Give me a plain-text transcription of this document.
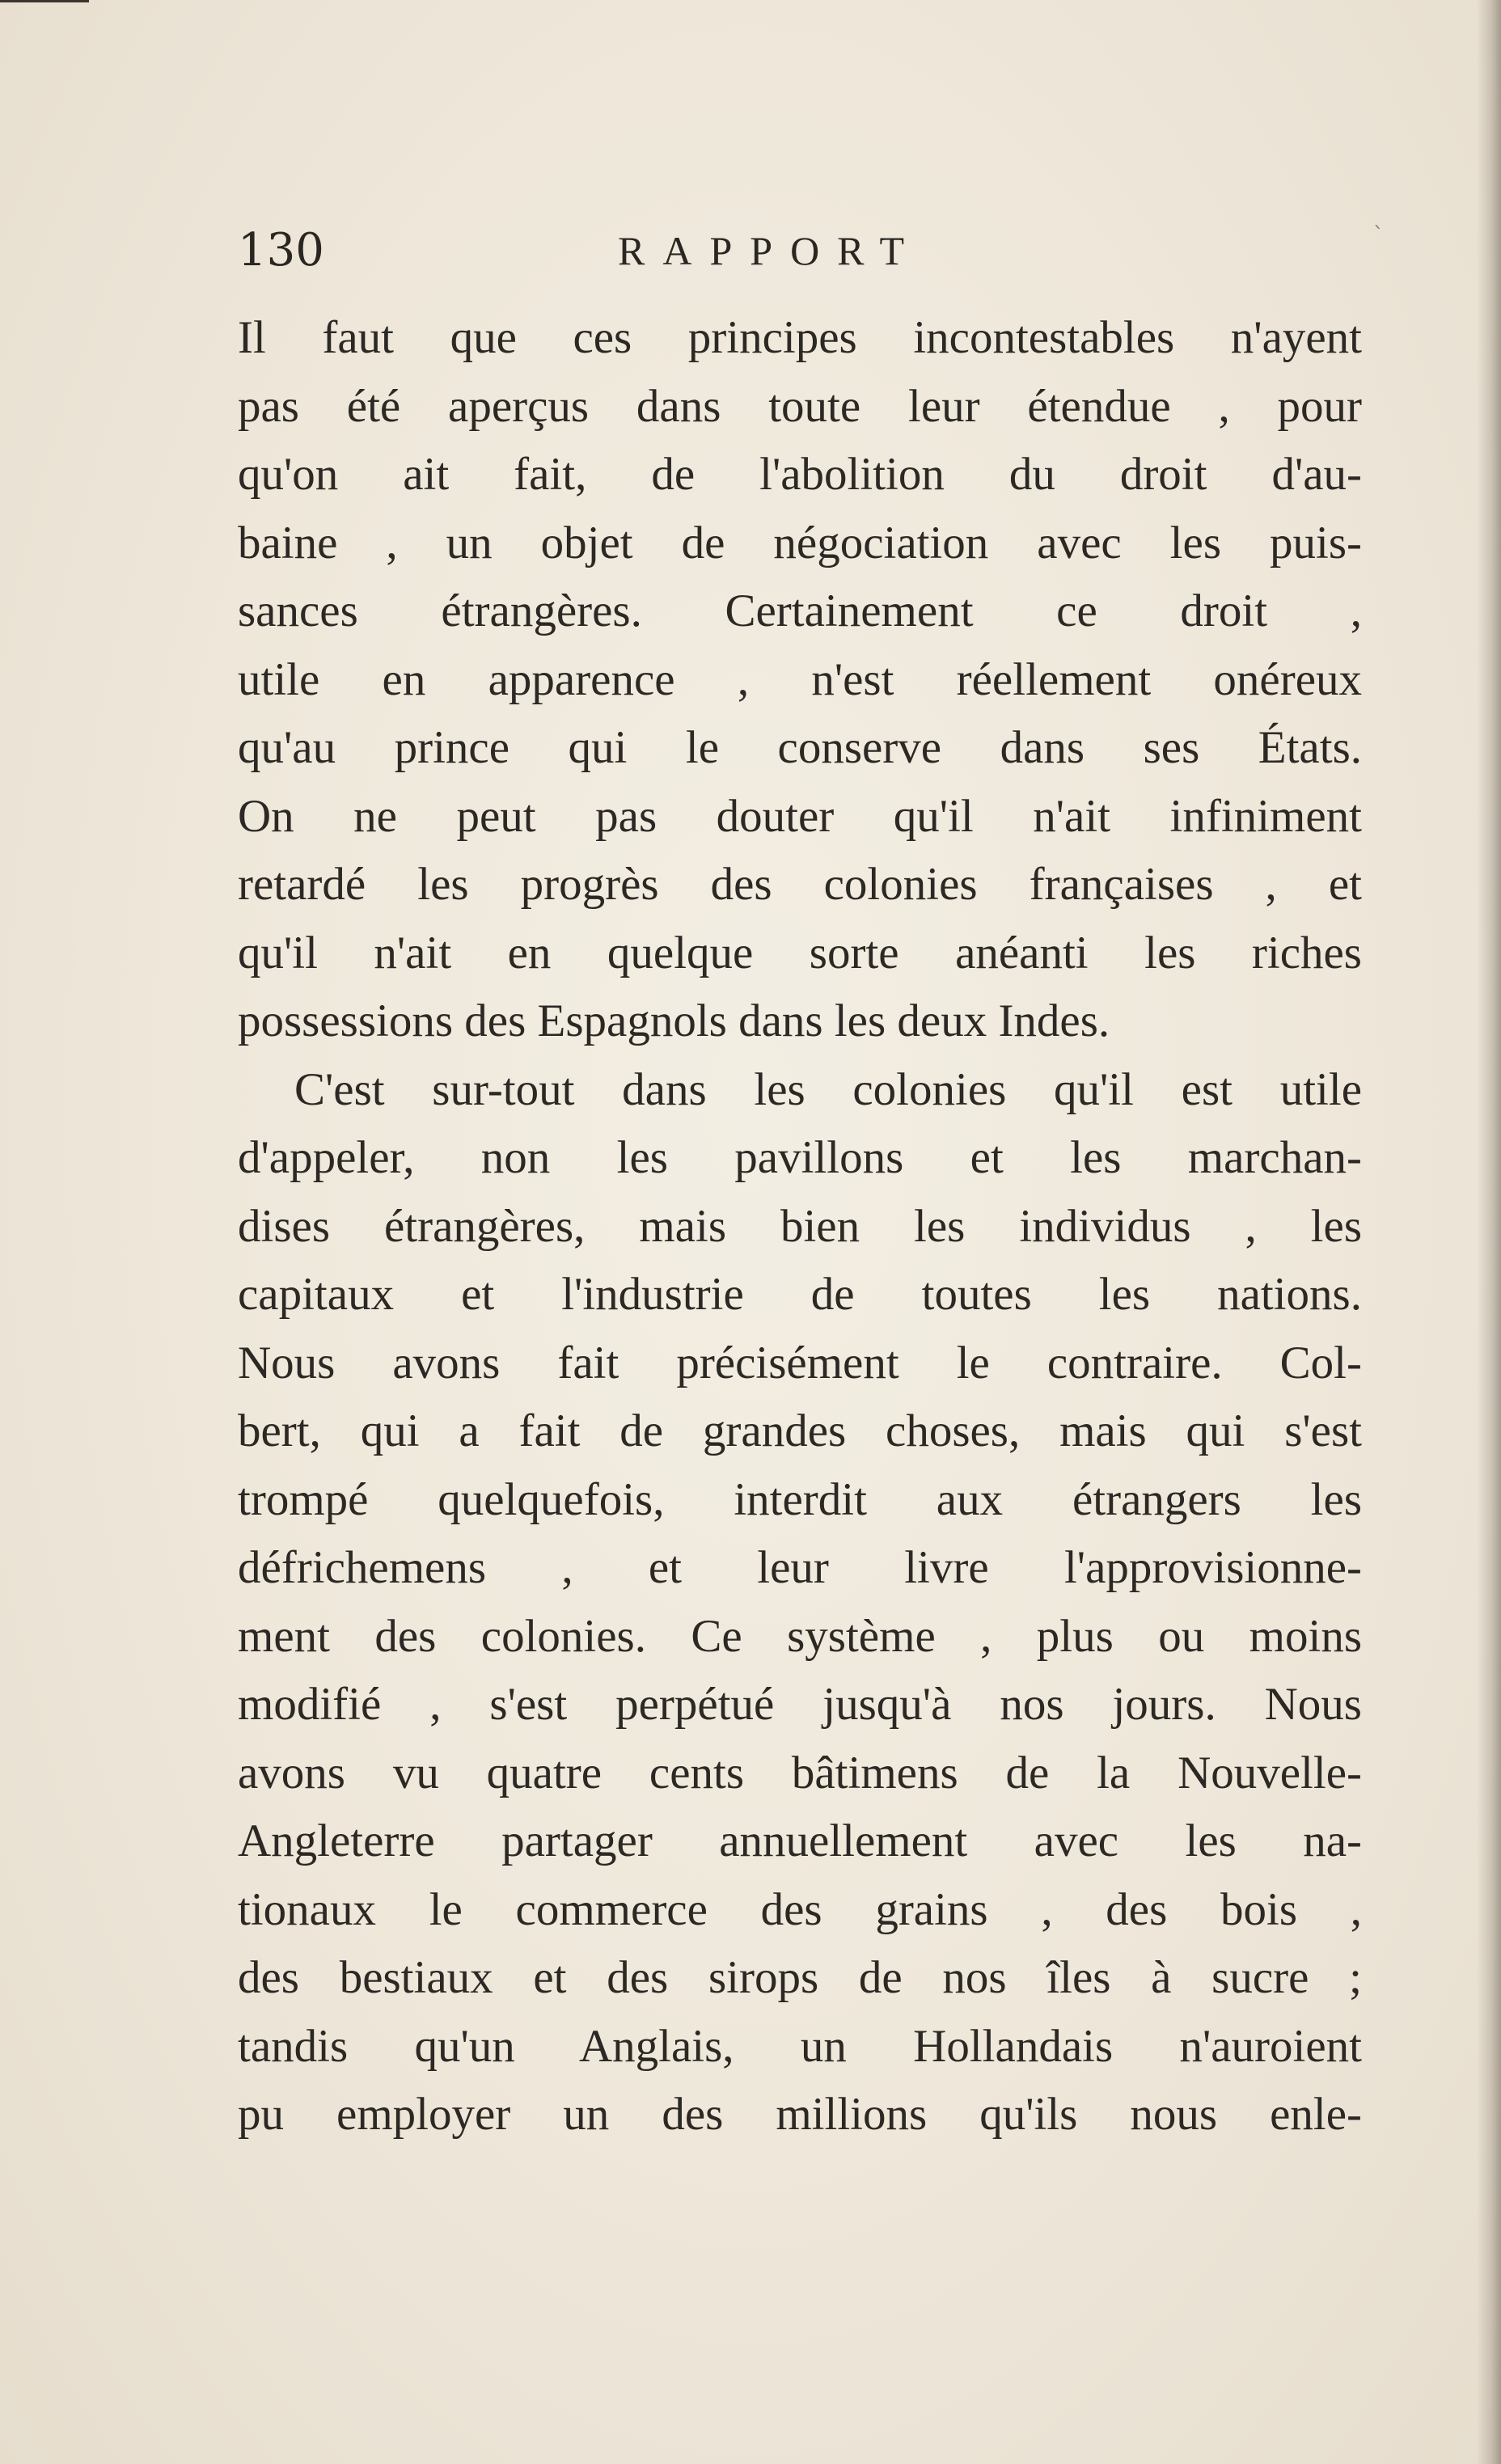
ˋ
130	RAPPORT
Il faut que ces principes incontestables n'ayent
pas été aperçus dans toute leur étendue , pour
qu'on ait fait, de l'abolition du droit d'au-
baine , un objet de négociation avec les puis-
sances étrangères. Certainement ce droit ,
utile en apparence , n'est réellement onéreux
qu'au prince qui le conserve dans ses États.
On ne peut pas douter qu'il n'ait infiniment
retardé les progrès des colonies françaises , et
qu'il n'ait en quelque sorte anéanti les riches
possessions des Espagnols dans les deux Indes.
C'est sur-tout dans les colonies qu'il est utile
d'appeler, non les pavillons et les marchan-
dises étrangères, mais bien les individus , les
capitaux et l'industrie de toutes les nations.
Nous avons fait précisément le contraire. Col-
bert, qui a fait de grandes choses, mais qui s'est
trompé quelquefois, interdit aux étrangers les
défrichemens , et leur livre l'approvisionne-
ment des colonies. Ce système , plus ou moins
modifié , s'est perpétué jusqu'à nos jours. Nous
avons vu quatre cents bâtimens de la Nouvelle-
Angleterre partager annuellement avec les na-
tionaux le commerce des grains , des bois ,
des bestiaux et des sirops de nos îles à sucre ;
tandis qu'un Anglais, un Hollandais n'auroient
pu employer un des millions qu'ils nous enle-
